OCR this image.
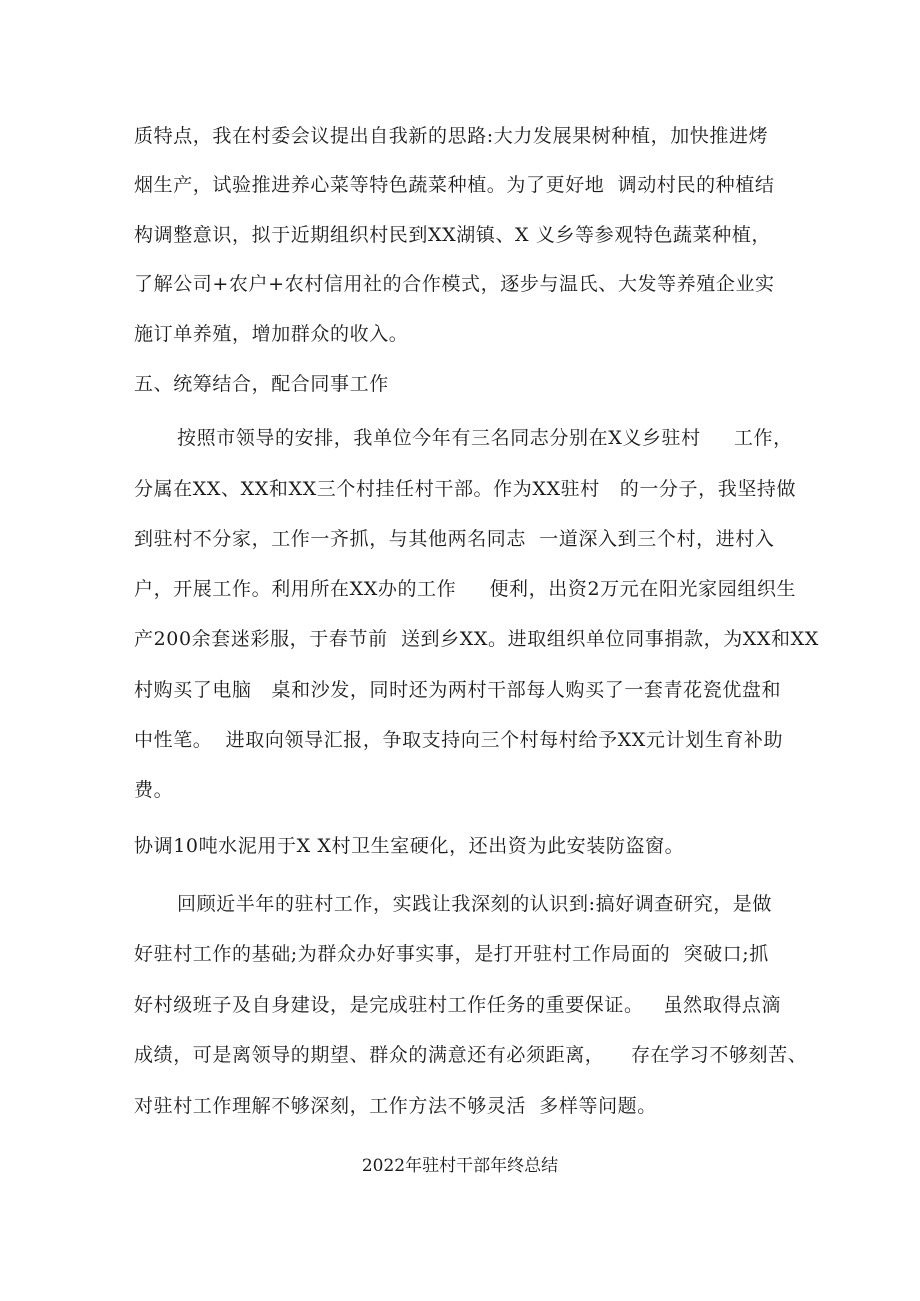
质特点，我在村委会议提出自我新的思路:大力发展果树种植，加快推进烤
烟生产，试验推进养心菜等特色蔬菜种植。为了更好地  调动村民的种植结
构调整意识，拟于近期组织村民到XX湖镇、X 义乡等参观特色蔬菜种植，
了解公司+农户+农村信用社的合作模式，逐步与温氏、大发等养殖企业实
施订单养殖，增加群众的收入。
五、统筹结合，配合同事工作
按照市领导的安排，我单位今年有三名同志分别在X义乡驻村     工作，
分属在XX、XX和XX三个村挂任村干部。作为XX驻村   的一分子，我坚持做
到驻村不分家，工作一齐抓，与其他两名同志  一道深入到三个村，进村入
户，开展工作。利用所在XX办的工作     便利，出资2万元在阳光家园组织生
产200余套迷彩服，于春节前  送到乡XX。进取组织单位同事捐款，为XX和XX
村购买了电脑   桌和沙发，同时还为两村干部每人购买了一套青花瓷优盘和
中性笔。  进取向领导汇报，争取支持向三个村每村给予XX元计划生育补助
费。
协调10吨水泥用于X X村卫生室硬化，还出资为此安装防盗窗。
回顾近半年的驻村工作，实践让我深刻的认识到:搞好调查研究，是做
好驻村工作的基础;为群众办好事实事，是打开驻村工作局面的  突破口;抓
好村级班子及自身建设，是完成驻村工作任务的重要保证。   虽然取得点滴
成绩，可是离领导的期望、群众的满意还有必须距离，    存在学习不够刻苦、
对驻村工作理解不够深刻，工作方法不够灵活  多样等问题。
2022年驻村干部年终总结
